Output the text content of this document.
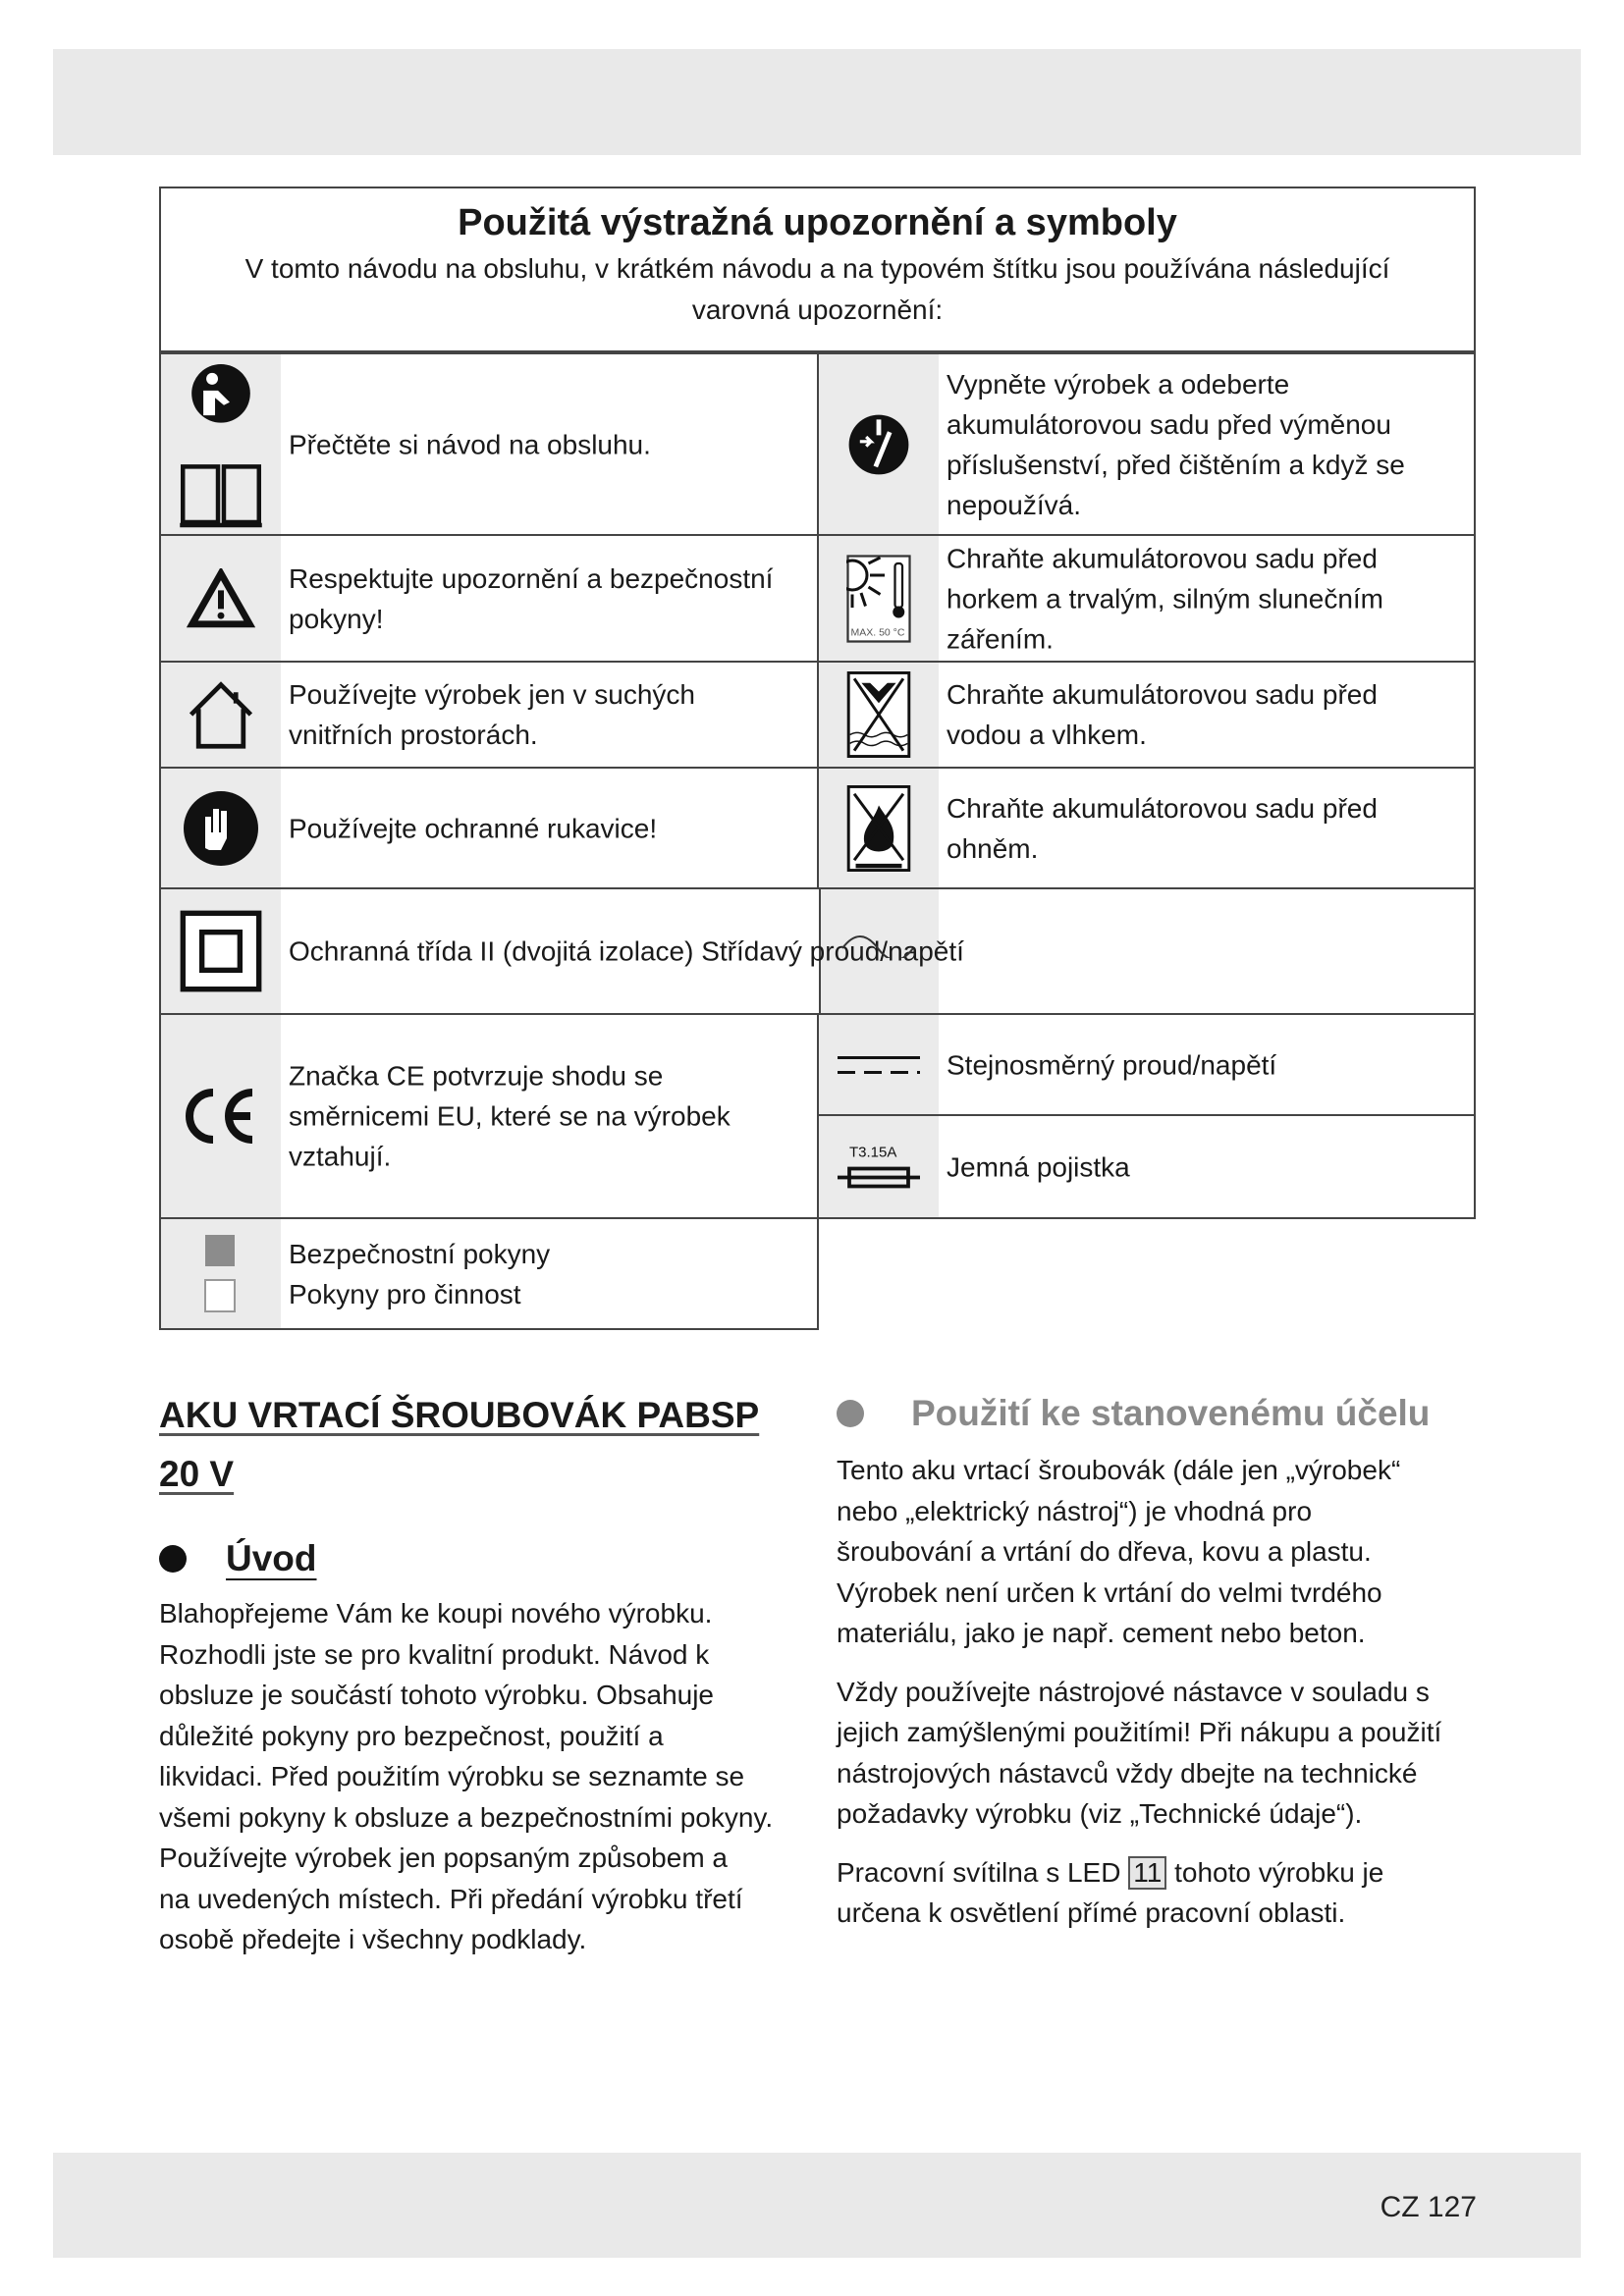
Použitá výstražná upozornění a symboly
V tomto návodu na obsluhu, v krátkém návodu a na typovém štítku jsou používána následující
varovná upozornění:
Přečtěte si návod na obsluhu.
Vypněte výrobek a odeberte
akumulátorovou sadu před výměnou
příslušenství, před čištěním a když se
nepoužívá.
Respektujte upozornění a bezpečnostní
pokyny!	MAX. 50 °C
Chraňte akumulátorovou sadu před
horkem a trvalým, silným slunečním
zářením.
Používejte výrobek jen v suchých
vnitřních prostorách.
Chraňte akumulátorovou sadu před
vodou a vlhkem.
Používejte ochranné rukavice!
Chraňte akumulátorovou sadu před
ohněm.
Ochranná třída II (dvojitá izolace) Střídavý proud/napětí
Značka CE potvrzuje shodu se
směrnicemi EU, které se na výrobek
vztahují.
Stejnosměrný proud/napětí
T3.15A Jemná pojistka
Bezpečnostní pokyny
Pokyny pro činnost
AKU VRTACÍ ŠROUBOVÁK PABSP
20 V
Úvod
Blahopřejeme Vám ke koupi nového výrobku.
Rozhodli jste se pro kvalitní produkt. Návod k
obsluze je součástí tohoto výrobku. Obsahuje
důležité pokyny pro bezpečnost, použití a
likvidaci. Před použitím výrobku se seznamte se
všemi pokyny k obsluze a bezpečnostními pokyny.
Používejte výrobek jen popsaným způsobem a
na uvedených místech. Při předání výrobku třetí
osobě předejte i všechny podklady.
Použití ke stanovenému účelu
Tento aku vrtací šroubovák (dále jen „výrobek“
nebo „elektrický nástroj“) je vhodná pro
šroubování a vrtání do dřeva, kovu a plastu.
Výrobek není určen k vrtání do velmi tvrdého
materiálu, jako je např. cement nebo beton.
Vždy používejte nástrojové nástavce v souladu s
jejich zamýšlenými použitími! Při nákupu a použití
nástrojových nástavců vždy dbejte na technické
požadavky výrobku (viz „Technické údaje“).
Pracovní svítilna s LED 11 tohoto výrobku je
určena k osvětlení přímé pracovní oblasti.
CZ 127
